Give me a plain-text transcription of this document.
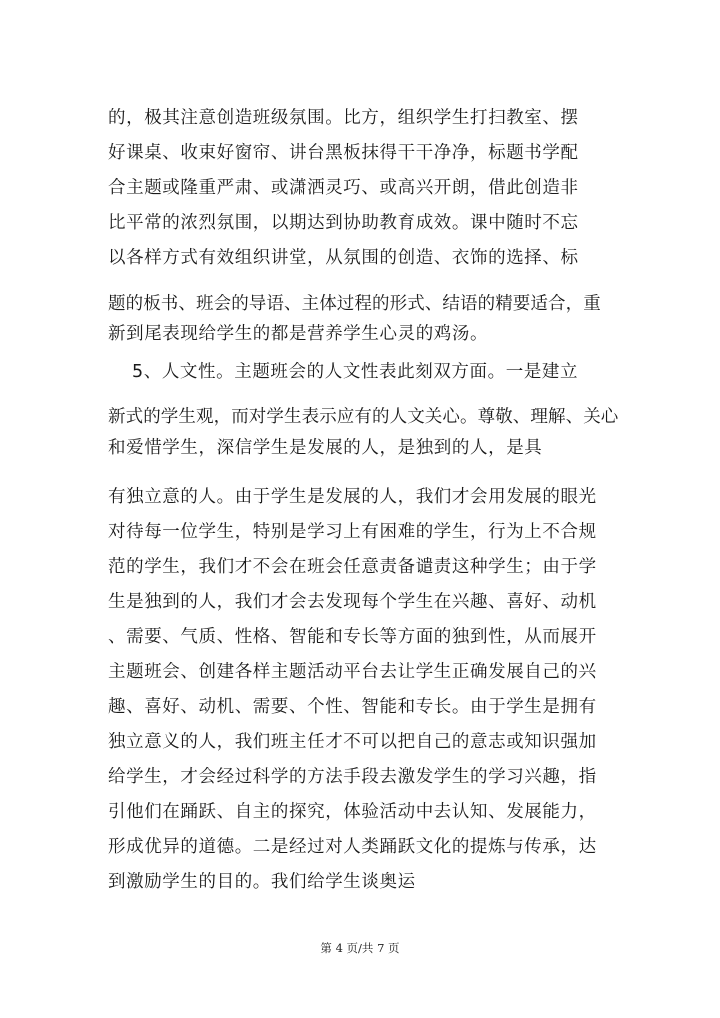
的，极其注意创造班级氛围。比方，组织学生打扫教室、摆
好课桌、收束好窗帘、讲台黑板抹得干干净净，标题书学配
合主题或隆重严肃、或潇洒灵巧、或高兴开朗，借此创造非
比平常的浓烈氛围，以期达到协助教育成效。课中随时不忘
以各样方式有效组织讲堂，从氛围的创造、衣饰的选择、标
题的板书、班会的导语、主体过程的形式、结语的精要适合，重
新到尾表现给学生的都是营养学生心灵的鸡汤。
5、人文性。主题班会的人文性表此刻双方面。一是建立
新式的学生观，而对学生表示应有的人文关心。尊敬、理解、关心
和爱惜学生，深信学生是发展的人，是独到的人，是具
有独立意的人。由于学生是发展的人，我们才会用发展的眼光
对待每一位学生，特别是学习上有困难的学生，行为上不合规
范的学生，我们才不会在班会任意责备谴责这种学生；由于学
生是独到的人，我们才会去发现每个学生在兴趣、喜好、动机
、需要、气质、性格、智能和专长等方面的独到性，从而展开
主题班会、创建各样主题活动平台去让学生正确发展自己的兴
趣、喜好、动机、需要、个性、智能和专长。由于学生是拥有
独立意义的人，我们班主任才不可以把自己的意志或知识强加
给学生，才会经过科学的方法手段去激发学生的学习兴趣，指
引他们在踊跃、自主的探究，体验活动中去认知、发展能力，
形成优异的道德。二是经过对人类踊跃文化的提炼与传承，达
到激励学生的目的。我们给学生谈奥运
第 4 页/共 7 页
